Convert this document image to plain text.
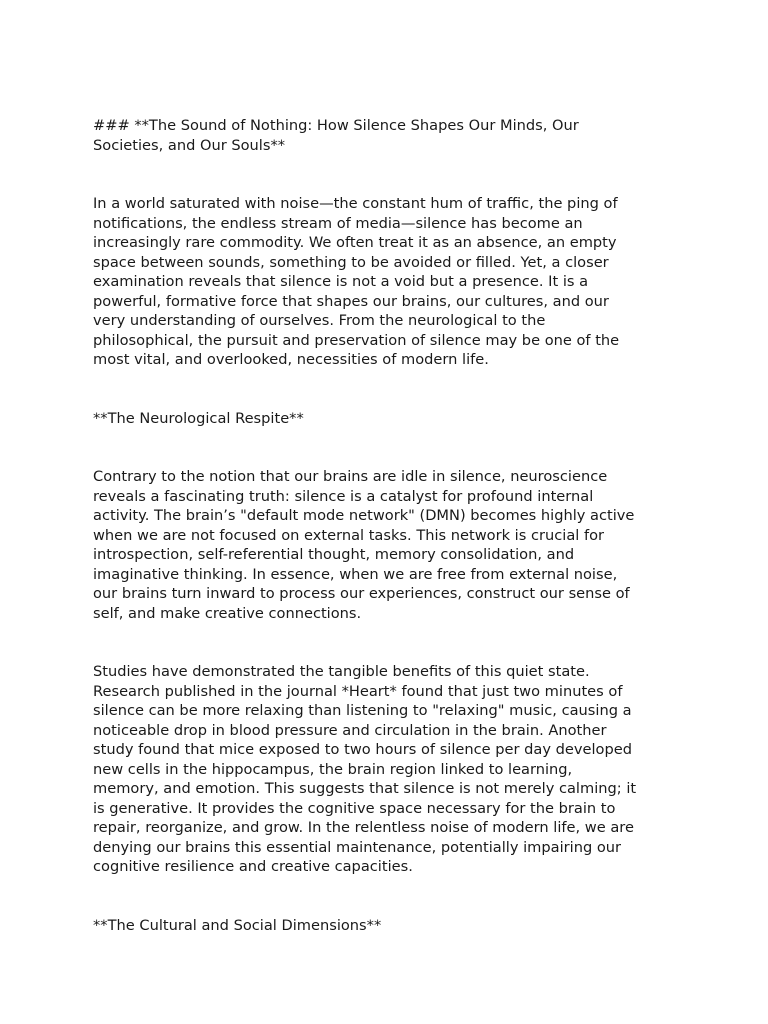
### **The Sound of Nothing: How Silence Shapes Our Minds, Our
Societies, and Our Souls**

In a world saturated with noise—the constant hum of traffic, the ping of
notifications, the endless stream of media—silence has become an
increasingly rare commodity. We often treat it as an absence, an empty
space between sounds, something to be avoided or filled. Yet, a closer
examination reveals that silence is not a void but a presence. It is a
powerful, formative force that shapes our brains, our cultures, and our
very understanding of ourselves. From the neurological to the
philosophical, the pursuit and preservation of silence may be one of the
most vital, and overlooked, necessities of modern life.

**The Neurological Respite**

Contrary to the notion that our brains are idle in silence, neuroscience
reveals a fascinating truth: silence is a catalyst for profound internal
activity. The brain’s "default mode network" (DMN) becomes highly active
when we are not focused on external tasks. This network is crucial for
introspection, self-referential thought, memory consolidation, and
imaginative thinking. In essence, when we are free from external noise,
our brains turn inward to process our experiences, construct our sense of
self, and make creative connections.

Studies have demonstrated the tangible benefits of this quiet state.
Research published in the journal *Heart* found that just two minutes of
silence can be more relaxing than listening to "relaxing" music, causing a
noticeable drop in blood pressure and circulation in the brain. Another
study found that mice exposed to two hours of silence per day developed
new cells in the hippocampus, the brain region linked to learning,
memory, and emotion. This suggests that silence is not merely calming; it
is generative. It provides the cognitive space necessary for the brain to
repair, reorganize, and grow. In the relentless noise of modern life, we are
denying our brains this essential maintenance, potentially impairing our
cognitive resilience and creative capacities.

**The Cultural and Social Dimensions**
